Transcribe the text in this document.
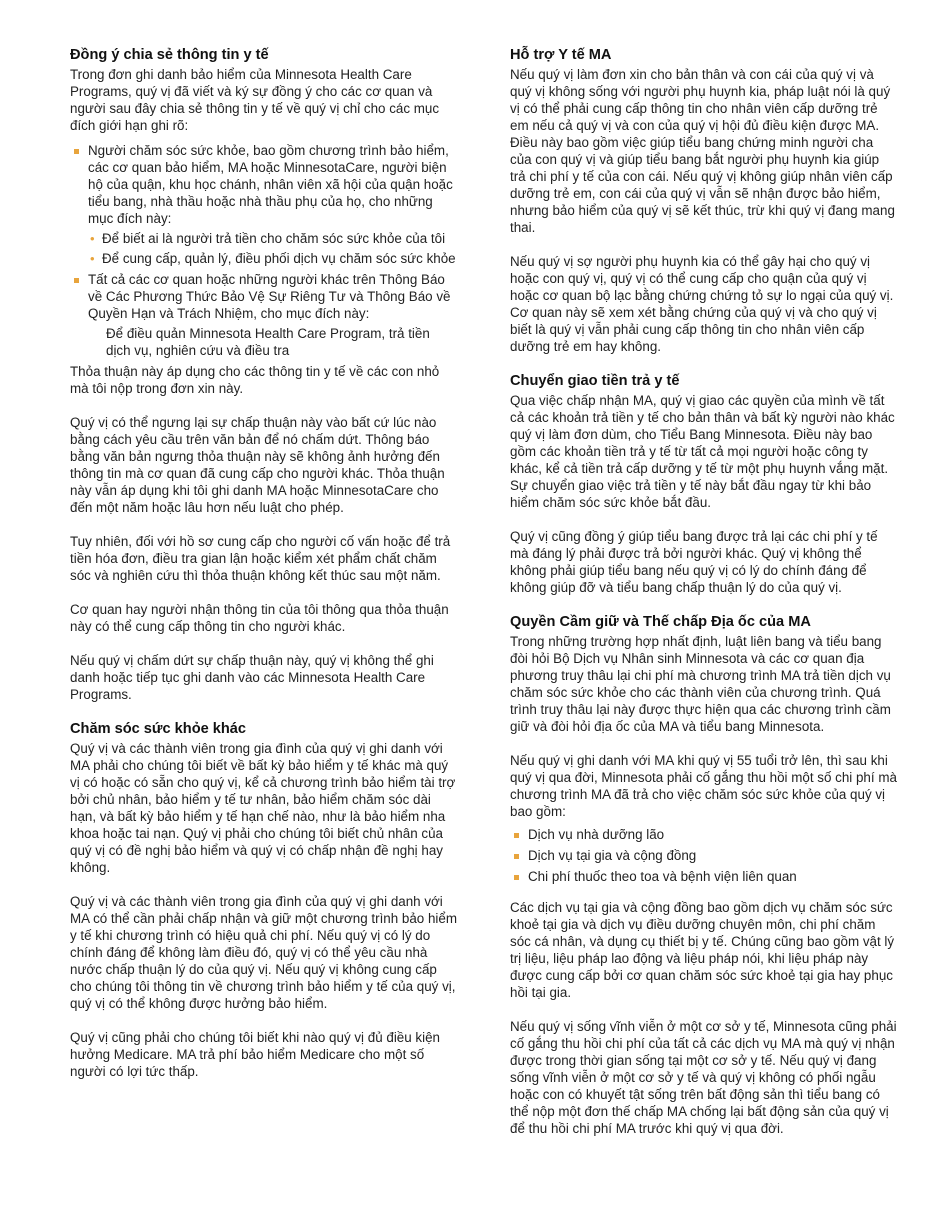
Đồng ý chia sẻ thông tin y tế

Trong đơn ghi danh bảo hiểm của Minnesota Health Care Programs, quý vị đã viết và ký sự đồng ý cho các cơ quan và người sau đây chia sẻ thông tin y tế về quý vị chỉ cho các mục đích giới hạn ghi rõ:

Người chăm sóc sức khỏe, bao gồm chương trình bảo hiểm, các cơ quan bảo hiểm, MA hoặc MinnesotaCare, người biện hộ của quận, khu học chánh, nhân viên xã hội của quận hoặc tiểu bang, nhà thầu hoặc nhà thầu phụ của họ, cho những mục đích này:
• Để biết ai là người trả tiền cho chăm sóc sức khỏe của tôi
• Để cung cấp, quản lý, điều phối dịch vụ chăm sóc sức khỏe
Tất cả các cơ quan hoặc những người khác trên Thông Báo về Các Phương Thức Bảo Vệ Sự Riêng Tư và Thông Báo về Quyền Hạn và Trách Nhiệm, cho mục đích này:
Để điều quản Minnesota Health Care Program, trả tiền dịch vụ, nghiên cứu và điều tra

Thỏa thuận này áp dụng cho các thông tin y tế về các con nhỏ mà tôi nộp trong đơn xin này.

Quý vị có thể ngưng lại sự chấp thuận này vào bất cứ lúc nào bằng cách yêu cầu trên văn bản để nó chấm dứt. Thông báo bằng văn bản ngưng thỏa thuận này sẽ không ảnh hưởng đến thông tin mà cơ quan đã cung cấp cho người khác. Thỏa thuận này vẫn áp dụng khi tôi ghi danh MA hoặc MinnesotaCare cho đến một năm hoặc lâu hơn nếu luật cho phép.

Tuy nhiên, đối với hồ sơ cung cấp cho người cố vấn hoặc để trả tiền hóa đơn, điều tra gian lận hoặc kiểm xét phẩm chất chăm sóc và nghiên cứu thì thỏa thuận không kết thúc sau một năm.

Cơ quan hay người nhận thông tin của tôi thông qua thỏa thuận này có thể cung cấp thông tin cho người khác.

Nếu quý vị chấm dứt sự chấp thuận này, quý vị không thể ghi danh hoặc tiếp tục ghi danh vào các Minnesota Health Care Programs.

Chăm sóc sức khỏe khác

Quý vị và các thành viên trong gia đình của quý vị ghi danh với MA phải cho chúng tôi biết về bất kỳ bảo hiểm y tế khác mà quý vị có hoặc có sẵn cho quý vị, kể cả chương trình bảo hiểm tài trợ bởi chủ nhân, bảo hiểm y tế tư nhân, bảo hiểm chăm sóc dài hạn, và bất kỳ bảo hiểm y tế hạn chế nào, như là bảo hiểm nha khoa hoặc tai nạn. Quý vị phải cho chúng tôi biết chủ nhân của quý vị có đề nghị bảo hiểm và quý vị có chấp nhận đề nghị hay không.

Quý vị và các thành viên trong gia đình của quý vị ghi danh với MA có thể cần phải chấp nhận và giữ một chương trình bảo hiểm y tế khi chương trình có hiệu quả chi phí. Nếu quý vị có lý do chính đáng để không làm điều đó, quý vị có thể yêu cầu nhà nước chấp thuận lý do của quý vị. Nếu quý vị không cung cấp cho chúng tôi thông tin về chương trình bảo hiểm y tế của quý vị, quý vị có thể không được hưởng bảo hiểm.

Quý vị cũng phải cho chúng tôi biết khi nào quý vị đủ điều kiện hưởng Medicare. MA trả phí bảo hiểm Medicare cho một số người có lợi tức thấp.

Hỗ trợ Y tế MA

Nếu quý vị làm đơn xin cho bản thân và con cái của quý vị và quý vị không sống với người phụ huynh kia, pháp luật nói là quý vị có thể phải cung cấp thông tin cho nhân viên cấp dưỡng trẻ em nếu cả quý vị và con của quý vị hội đủ điều kiện được MA. Điều này bao gồm việc giúp tiểu bang chứng minh người cha của con quý vị và giúp tiểu bang bắt người phụ huynh kia giúp trả chi phí y tế của con cái. Nếu quý vị không giúp nhân viên cấp dưỡng trẻ em, con cái của quý vị vẫn sẽ nhận được bảo hiểm, nhưng bảo hiểm của quý vị sẽ kết thúc, trừ khi quý vị đang mang thai.

Nếu quý vị sợ người phụ huynh kia có thể gây hại cho quý vị hoặc con quý vị, quý vị có thể cung cấp cho quận của quý vị hoặc cơ quan bộ lạc bằng chứng chứng tỏ sự lo ngại của quý vị. Cơ quan này sẽ xem xét bằng chứng của quý vị và cho quý vị biết là quý vị vẫn phải cung cấp thông tin cho nhân viên cấp dưỡng trẻ em hay không.

Chuyển giao tiền trả y tế

Qua việc chấp nhận MA, quý vị giao các quyền của mình về tất cả các khoản trả tiền y tế cho bản thân và bất kỳ người nào khác quý vị làm đơn dùm, cho Tiểu Bang Minnesota. Điều này bao gồm các khoản tiền trả y tế từ tất cả mọi người hoặc công ty khác, kể cả tiền trả cấp dưỡng y tế từ một phụ huynh vắng mặt. Sự chuyển giao việc trả tiền y tế này bắt đầu ngay từ khi bảo hiểm chăm sóc sức khỏe bắt đầu.

Quý vị cũng đồng ý giúp tiểu bang được trả lại các chi phí y tế mà đáng lý phải được trả bởi người khác. Quý vị không thể không phải giúp tiểu bang nếu quý vị có lý do chính đáng để không giúp đỡ và tiểu bang chấp thuận lý do của quý vị.

Quyền Cầm giữ và Thế chấp Địa ốc của MA

Trong những trường hợp nhất định, luật liên bang và tiểu bang đòi hỏi Bộ Dịch vụ Nhân sinh Minnesota và các cơ quan địa phương truy thâu lại chi phí mà chương trình MA trả tiền dịch vụ chăm sóc sức khỏe cho các thành viên của chương trình. Quá trình truy thâu lại này được thực hiện qua các chương trình cầm giữ và đòi hỏi địa ốc của MA và tiểu bang Minnesota.

Nếu quý vị ghi danh với MA khi quý vị 55 tuổi trở lên, thì sau khi quý vị qua đời, Minnesota phải cố gắng thu hồi một số chi phí mà chương trình MA đã trả cho việc chăm sóc sức khỏe của quý vị bao gồm:

Dịch vụ nhà dưỡng lão
Dịch vụ tại gia và cộng đồng
Chi phí thuốc theo toa và bệnh viện liên quan

Các dịch vụ tại gia và cộng đồng bao gồm dịch vụ chăm sóc sức khoẻ tại gia và dịch vụ điều dưỡng chuyên môn, chi phí chăm sóc cá nhân, và dụng cụ thiết bị y tế. Chúng cũng bao gồm vật lý trị liệu, liệu pháp lao động và liệu pháp nói, khi liệu pháp này được cung cấp bởi cơ quan chăm sóc sức khoẻ tại gia hay phục hồi tại gia.

Nếu quý vị sống vĩnh viễn ở một cơ sở y tế, Minnesota cũng phải cố gắng thu hồi chi phí của tất cả các dịch vụ MA mà quý vị nhận được trong thời gian sống tại một cơ sở y tế. Nếu quý vị đang sống vĩnh viễn ở một cơ sở y tế và quý vị không có phối ngẫu hoặc con có khuyết tật sống trên bất động sản thì tiểu bang có thể nộp một đơn thế chấp MA chống lại bất động sản của quý vị để thu hồi chi phí MA trước khi quý vị qua đời.
